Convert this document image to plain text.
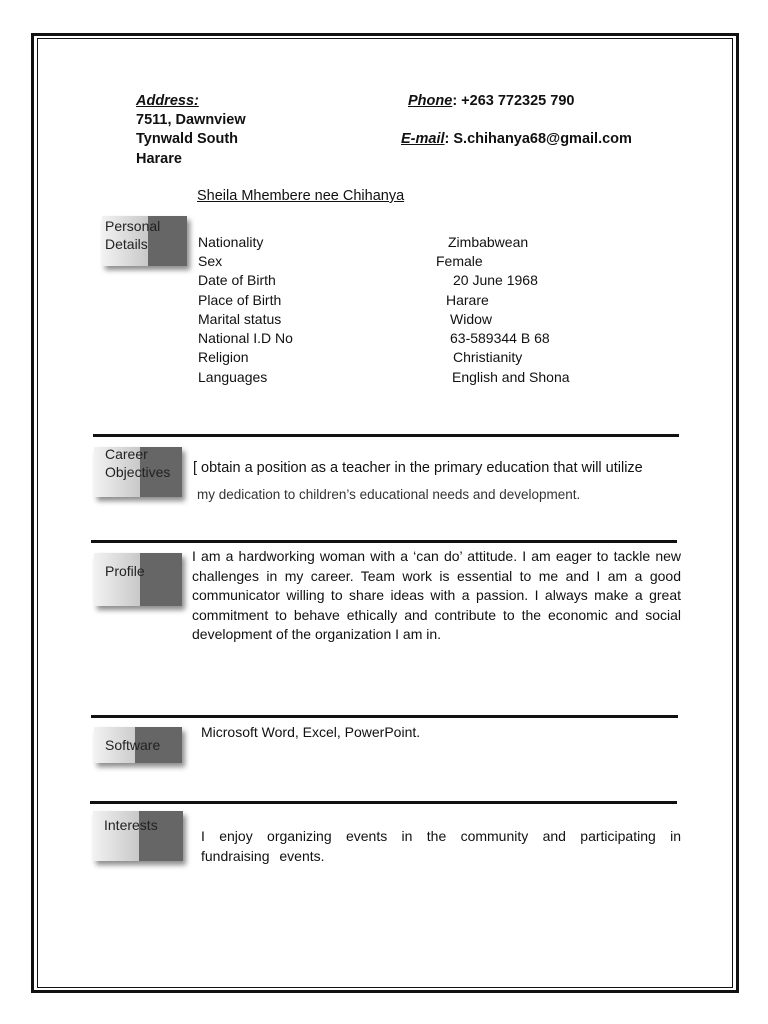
Address:
7511, Dawnview
Tynwald South
Harare
Phone: +263 772325 790
E-mail: S.chihanya68@gmail.com
Sheila Mhembere nee Chihanya
Personal
Details	Nationality	Zimbabwean
Sex	Female
Date of Birth	20 June 1968
Place of Birth	Harare
Marital status	Widow
National I.D No	63-589344 B 68
Religion	Christianity
Languages	English and Shona
Career
Objectives [ obtain a position as a teacher in the primary education that will utilize
my dedication to children’s educational needs and development.
Profile
I am a hardworking woman with a ‘can do’ attitude. I am eager to tackle new challenges in my career. Team work is essential to me and I am a good communicator willing to share ideas with a passion. I always make a great commitment to behave ethically and contribute to the economic and social development of the organization I am in.
Software
Microsoft Word, Excel, PowerPoint.
Interests
I enjoy organizing events in the community and participating in fundraising events.
